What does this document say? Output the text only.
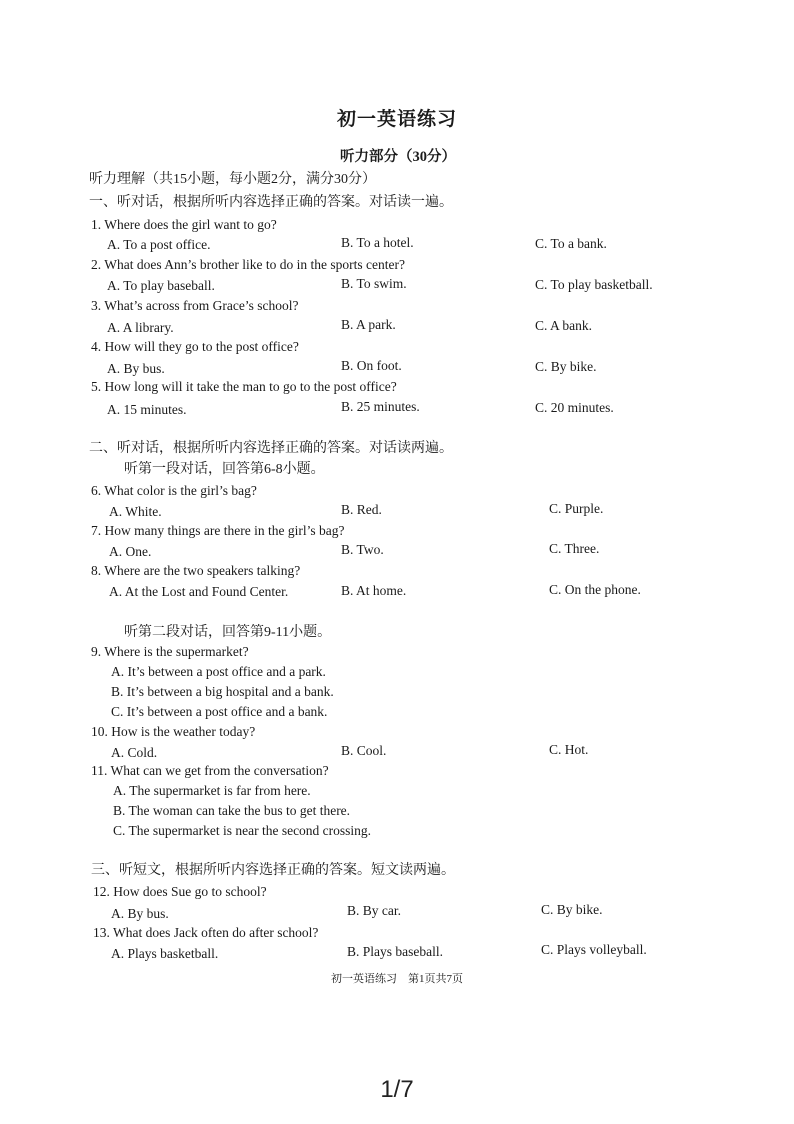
初一英语练习
听力部分（30分）
听力理解（共15小题，每小题2分，满分30分）
一、听对话，根据所听内容选择正确的答案。对话读一遍。
1. Where does the girl want to go?
A. To a post office.	B. To a hotel.	C. To a bank.
2. What does Ann’s brother like to do in the sports center?
A. To play baseball.	B. To swim.	C. To play basketball.
3. What’s across from Grace’s school?
A. A library.	B. A park.	C. A bank.
4. How will they go to the post office?
A. By bus.	B. On foot.	C. By bike.
5. How long will it take the man to go to the post office?
A. 15 minutes.	B. 25 minutes.	C. 20 minutes.
二、听对话，根据所听内容选择正确的答案。对话读两遍。
听第一段对话，回答第6-8小题。
6. What color is the girl’s bag?
A. White.	B. Red.	C. Purple.
7. How many things are there in the girl’s bag?
A. One.	B. Two.	C. Three.
8. Where are the two speakers talking?
A. At the Lost and Found Center.	B. At home.	C. On the phone.
听第二段对话，回答第9-11小题。
9. Where is the supermarket?
A. It’s between a post office and a park.
B. It’s between a big hospital and a bank.
C. It’s between a post office and a bank.
10. How is the weather today?
A. Cold.	B. Cool.	C. Hot.
11. What can we get from the conversation?
A. The supermarket is far from here.
B. The woman can take the bus to get there.
C. The supermarket is near the second crossing.
三、听短文，根据所听内容选择正确的答案。短文读两遍。
12. How does Sue go to school?
A. By bus.	B. By car.	C. By bike.
13. What does Jack often do after school?
A. Plays basketball.	B. Plays baseball.	C. Plays volleyball.
初一英语练习　第1页共7页
1/7
